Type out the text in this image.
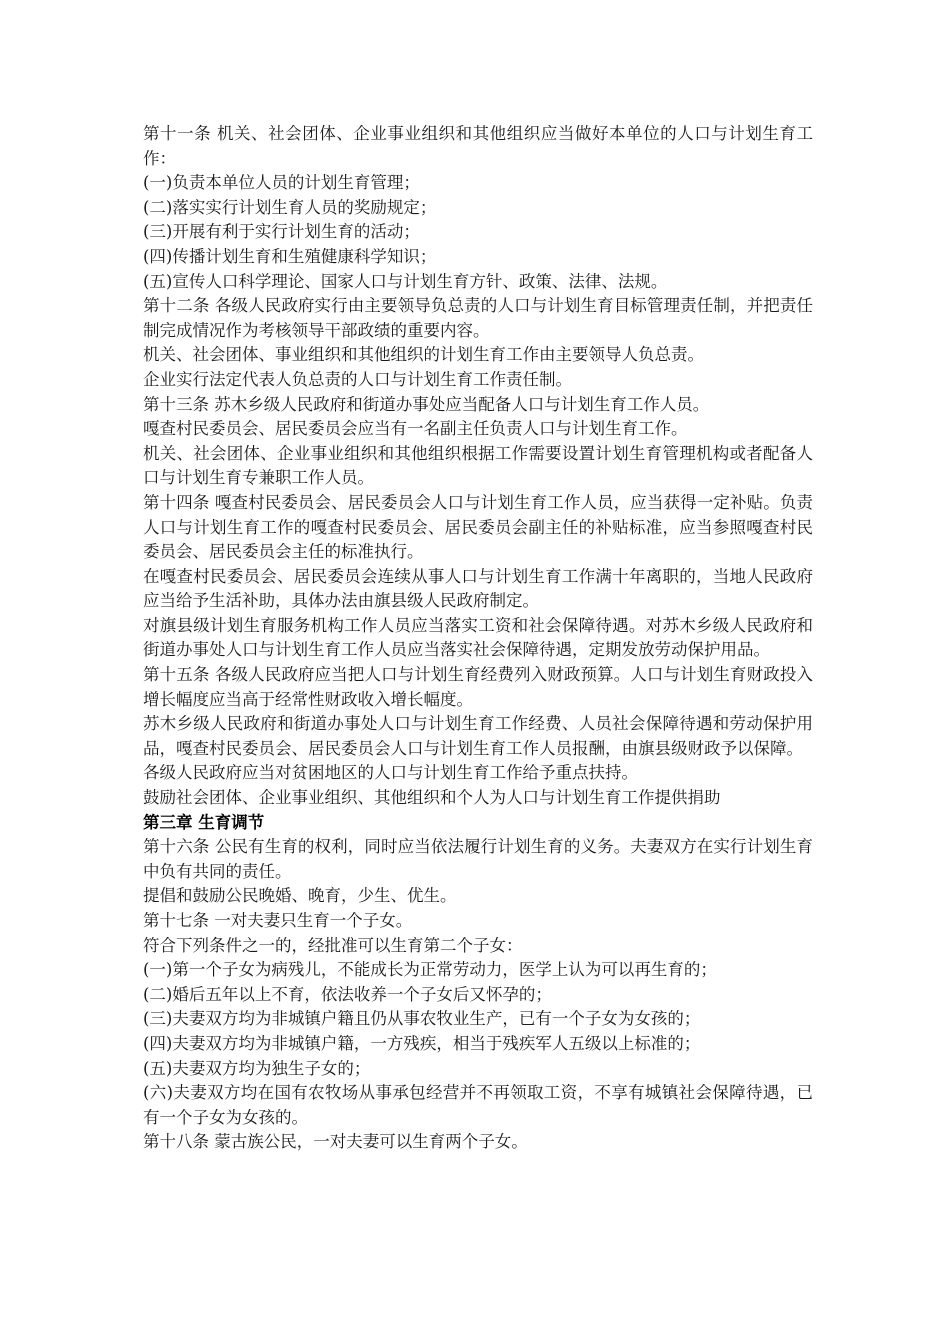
第十一条 机关、社会团体、企业事业组织和其他组织应当做好本单位的人口与计划生育工作：

(一)负责本单位人员的计划生育管理；

(二)落实实行计划生育人员的奖励规定；

(三)开展有利于实行计划生育的活动；

(四)传播计划生育和生殖健康科学知识；

(五)宣传人口科学理论、国家人口与计划生育方针、政策、法律、法规。

第十二条 各级人民政府实行由主要领导负总责的人口与计划生育目标管理责任制，并把责任制完成情况作为考核领导干部政绩的重要内容。

机关、社会团体、事业组织和其他组织的计划生育工作由主要领导人负总责。

企业实行法定代表人负总责的人口与计划生育工作责任制。

第十三条 苏木乡级人民政府和街道办事处应当配备人口与计划生育工作人员。

嘎查村民委员会、居民委员会应当有一名副主任负责人口与计划生育工作。

机关、社会团体、企业事业组织和其他组织根据工作需要设置计划生育管理机构或者配备人口与计划生育专兼职工作人员。

第十四条 嘎查村民委员会、居民委员会人口与计划生育工作人员，应当获得一定补贴。负责人口与计划生育工作的嘎查村民委员会、居民委员会副主任的补贴标准，应当参照嘎查村民委员会、居民委员会主任的标准执行。

在嘎查村民委员会、居民委员会连续从事人口与计划生育工作满十年离职的，当地人民政府应当给予生活补助，具体办法由旗县级人民政府制定。

对旗县级计划生育服务机构工作人员应当落实工资和社会保障待遇。对苏木乡级人民政府和街道办事处人口与计划生育工作人员应当落实社会保障待遇，定期发放劳动保护用品。

第十五条 各级人民政府应当把人口与计划生育经费列入财政预算。人口与计划生育财政投入增长幅度应当高于经常性财政收入增长幅度。

苏木乡级人民政府和街道办事处人口与计划生育工作经费、人员社会保障待遇和劳动保护用品，嘎查村民委员会、居民委员会人口与计划生育工作人员报酬，由旗县级财政予以保障。

各级人民政府应当对贫困地区的人口与计划生育工作给予重点扶持。

鼓励社会团体、企业事业组织、其他组织和个人为人口与计划生育工作提供捐助

第三章 生育调节

第十六条 公民有生育的权利，同时应当依法履行计划生育的义务。夫妻双方在实行计划生育中负有共同的责任。

提倡和鼓励公民晚婚、晚育，少生、优生。

第十七条 一对夫妻只生育一个子女。

符合下列条件之一的，经批准可以生育第二个子女：

(一)第一个子女为病残儿，不能成长为正常劳动力，医学上认为可以再生育的；

(二)婚后五年以上不育，依法收养一个子女后又怀孕的；

(三)夫妻双方均为非城镇户籍且仍从事农牧业生产，已有一个子女为女孩的；

(四)夫妻双方均为非城镇户籍，一方残疾，相当于残疾军人五级以上标准的；

(五)夫妻双方均为独生子女的；

(六)夫妻双方均在国有农牧场从事承包经营并不再领取工资，不享有城镇社会保障待遇，已有一个子女为女孩的。

第十八条 蒙古族公民，一对夫妻可以生育两个子女。
